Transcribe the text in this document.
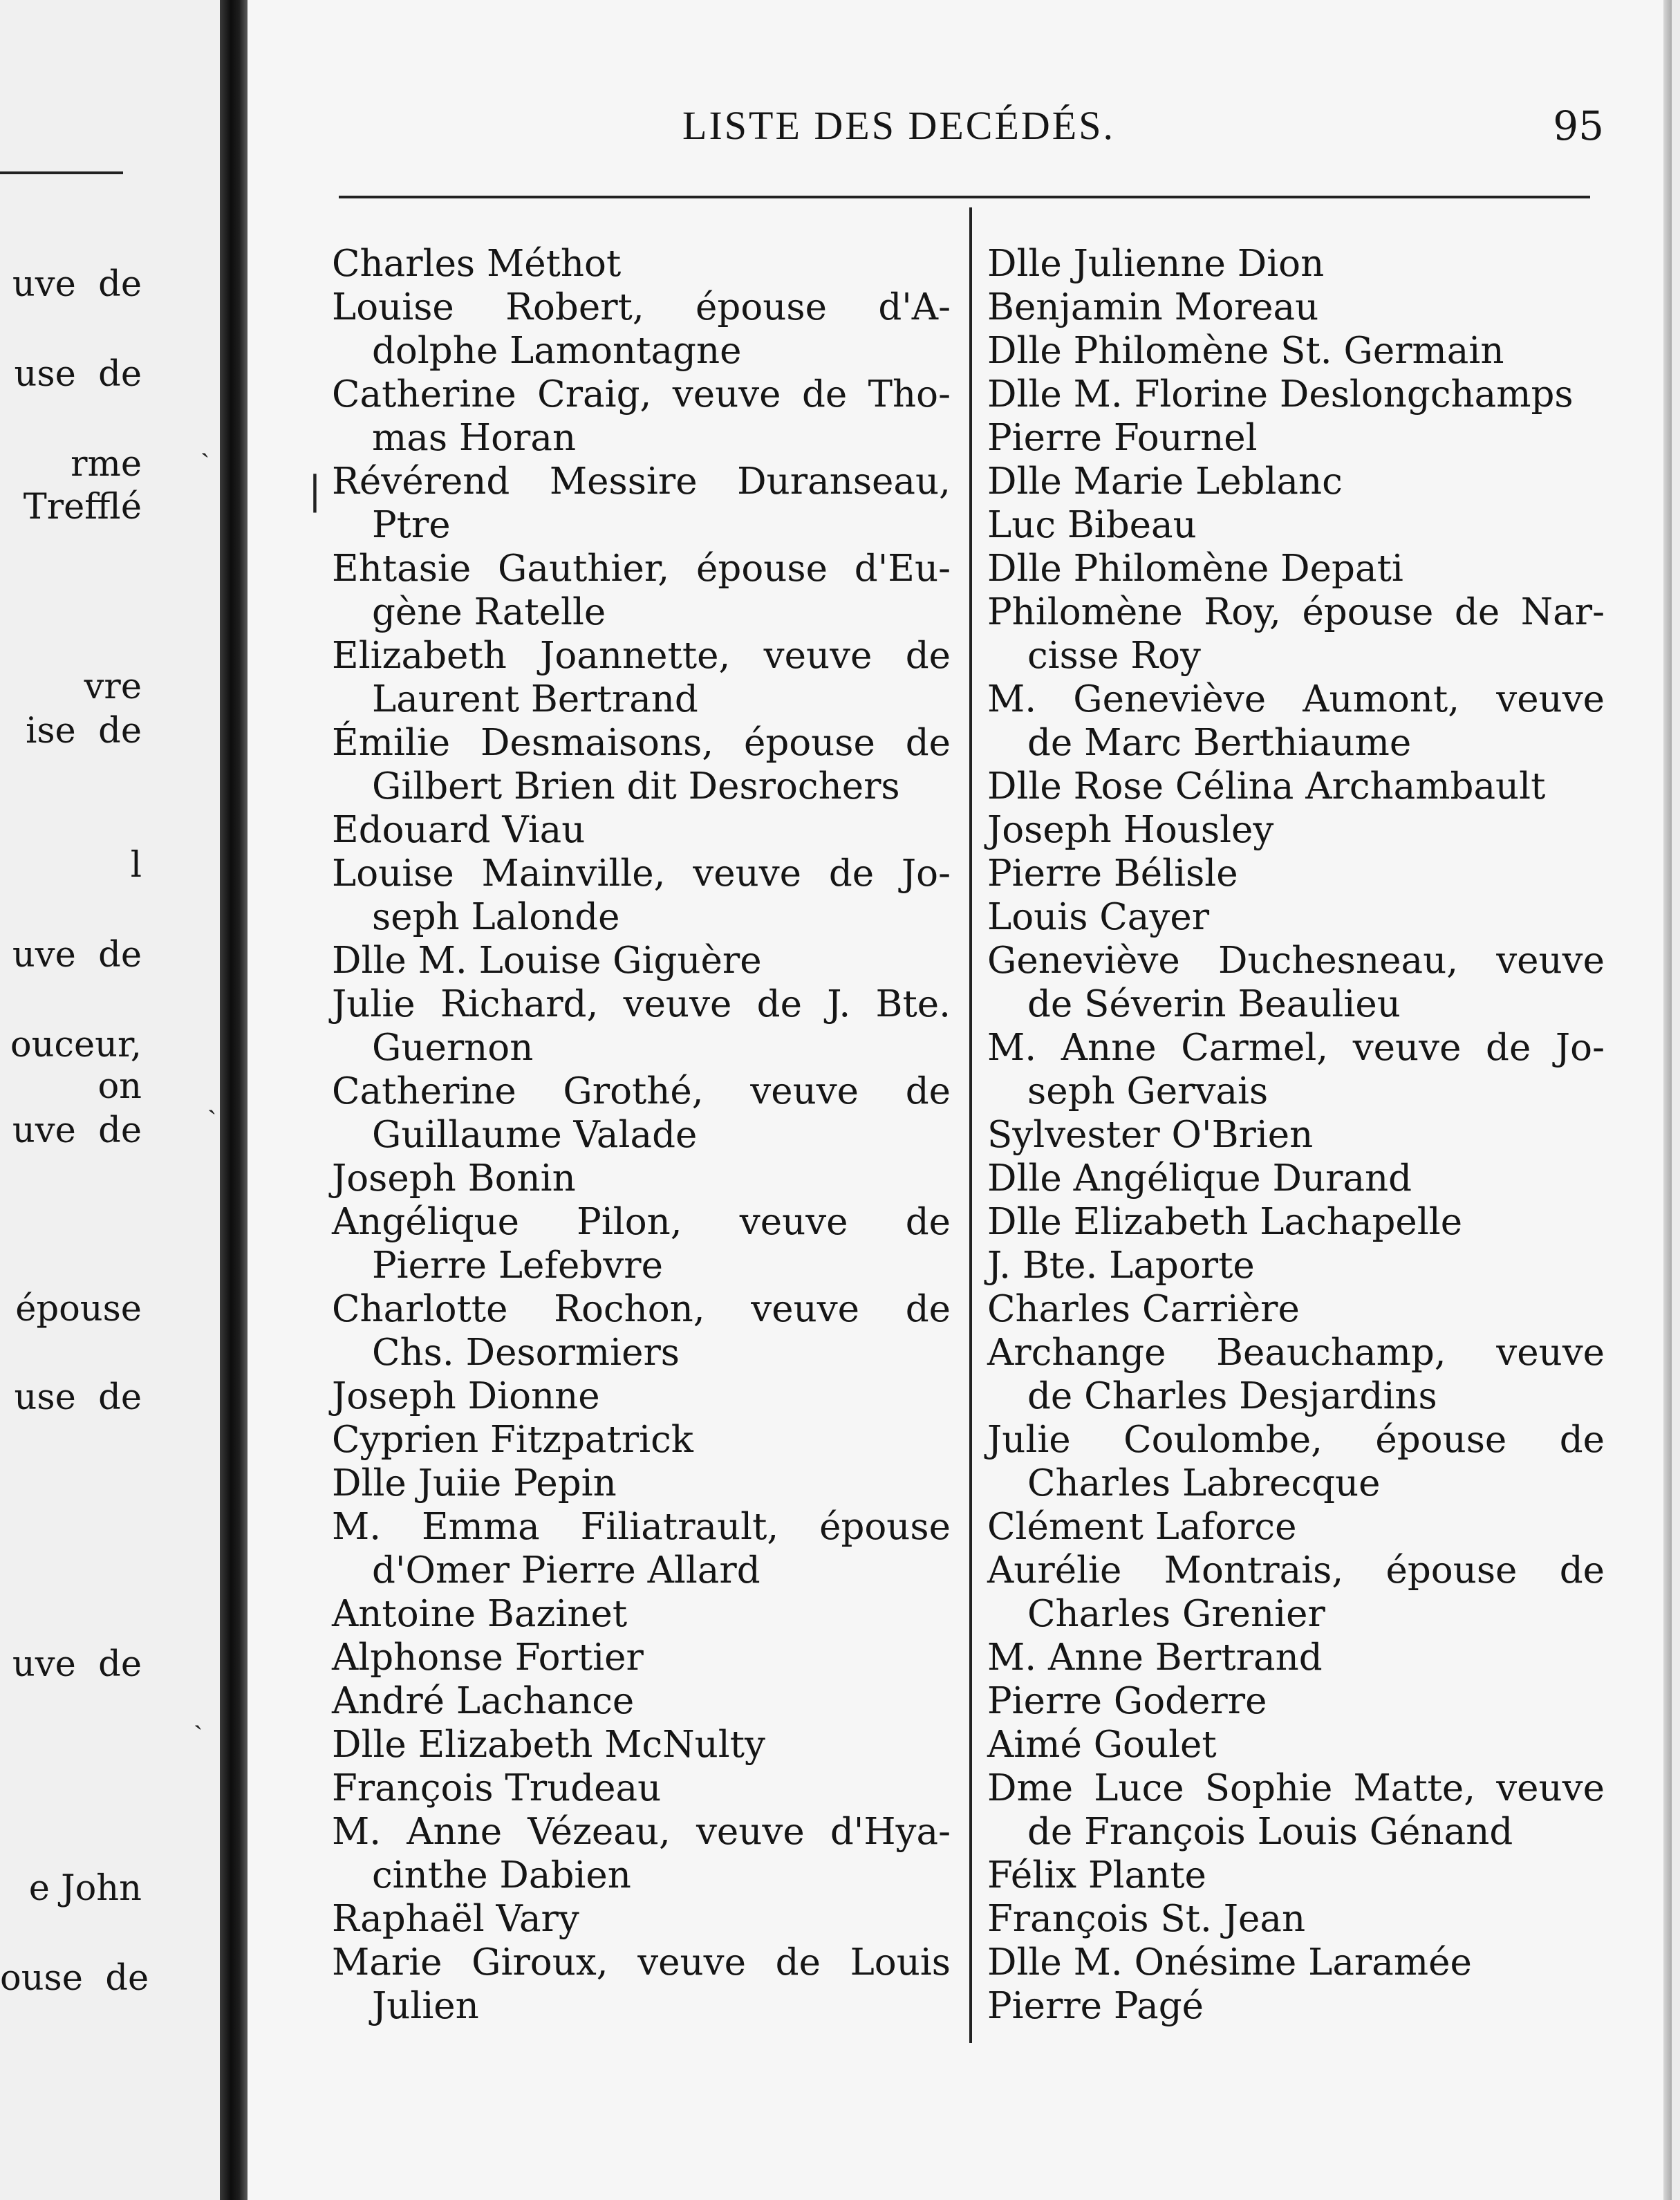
uve  de
use  de
rme
Trefflé
vre
ise  de
l
uve  de
ouceur,
on
uve  de
épouse
use  de
uve  de
e John
ouse  de
LISTE DES DECÉDÉS.	95
Charles Méthot
Louise Robert, épouse d'A-
dolphe Lamontagne
Catherine Craig, veuve de Tho-
mas Horan
Révérend Messire Duranseau,
Ptre
Ehtasie Gauthier, épouse d'Eu-
gène Ratelle
Elizabeth Joannette, veuve de
Laurent Bertrand
Émilie Desmaisons, épouse de
Gilbert Brien dit Desrochers
Edouard Viau
Louise Mainville, veuve de Jo-
seph Lalonde
Dlle M. Louise Giguère
Julie Richard, veuve de J. Bte.
Guernon
Catherine Grothé, veuve de
Guillaume Valade
Joseph Bonin
Angélique Pilon, veuve de
Pierre Lefebvre
Charlotte Rochon, veuve de
Chs. Desormiers
Joseph Dionne
Cyprien Fitzpatrick
Dlle Juiie Pepin
M. Emma Filiatrault, épouse
d'Omer Pierre Allard
Antoine Bazinet
Alphonse Fortier
André Lachance
Dlle Elizabeth McNulty
François Trudeau
M. Anne Vézeau, veuve d'Hya-
cinthe Dabien
Raphaël Vary
Marie Giroux, veuve de Louis
Julien
Dlle Julienne Dion
Benjamin Moreau
Dlle Philomène St. Germain
Dlle M. Florine Deslongchamps
Pierre Fournel
Dlle Marie Leblanc
Luc Bibeau
Dlle Philomène Depati
Philomène Roy, épouse de Nar-
cisse Roy
M. Geneviève Aumont, veuve
de Marc Berthiaume
Dlle Rose Célina Archambault
Joseph Housley
Pierre Bélisle
Louis Cayer
Geneviève Duchesneau, veuve
de Séverin Beaulieu
M. Anne Carmel, veuve de Jo-
seph Gervais
Sylvester O'Brien
Dlle Angélique Durand
Dlle Elizabeth Lachapelle
J. Bte. Laporte
Charles Carrière
Archange Beauchamp, veuve
de Charles Desjardins
Julie Coulombe, épouse de
Charles Labrecque
Clément Laforce
Aurélie Montrais, épouse de
Charles Grenier
M. Anne Bertrand
Pierre Goderre
Aimé Goulet
Dme Luce Sophie Matte, veuve
de François Louis Génand
Félix Plante
François St. Jean
Dlle M. Onésime Laramée
Pierre Pagé
ˏ
|
ˏ
ˏ
